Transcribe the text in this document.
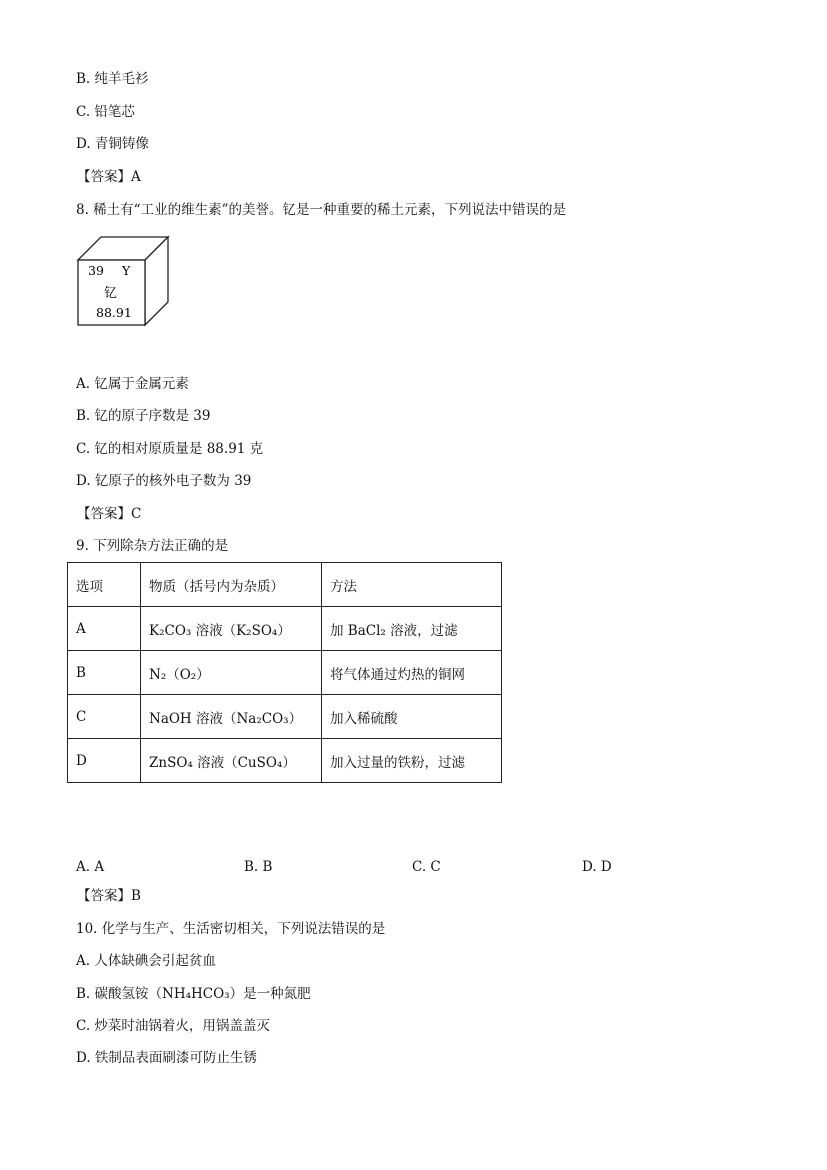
B. 纯羊毛衫
C. 铅笔芯
D. 青铜铸像
【答案】A
8. 稀土有“工业的维生素”的美誉。钇是一种重要的稀土元素，下列说法中错误的是
39 Y
钇
88.91
A. 钇属于金属元素
B. 钇的原子序数是 39
C. 钇的相对原质量是 88.91 克
D. 钇原子的核外电子数为 39
【答案】C
9. 下列除杂方法正确的是
选项	物质（括号内为杂质）	方法
A	K₂CO₃ 溶液（K₂SO₄）	加 BaCl₂ 溶液，过滤
B	N₂（O₂）	将气体通过灼热的铜网
C	NaOH 溶液（Na₂CO₃）	加入稀硫酸
D	ZnSO₄ 溶液（CuSO₄）	加入过量的铁粉，过滤
A. A	B. B	C. C	D. D
【答案】B
10. 化学与生产、生活密切相关，下列说法错误的是
A. 人体缺碘会引起贫血
B. 碳酸氢铵（NH₄HCO₃）是一种氮肥
C. 炒菜时油锅着火，用锅盖盖灭
D. 铁制品表面刷漆可防止生锈
